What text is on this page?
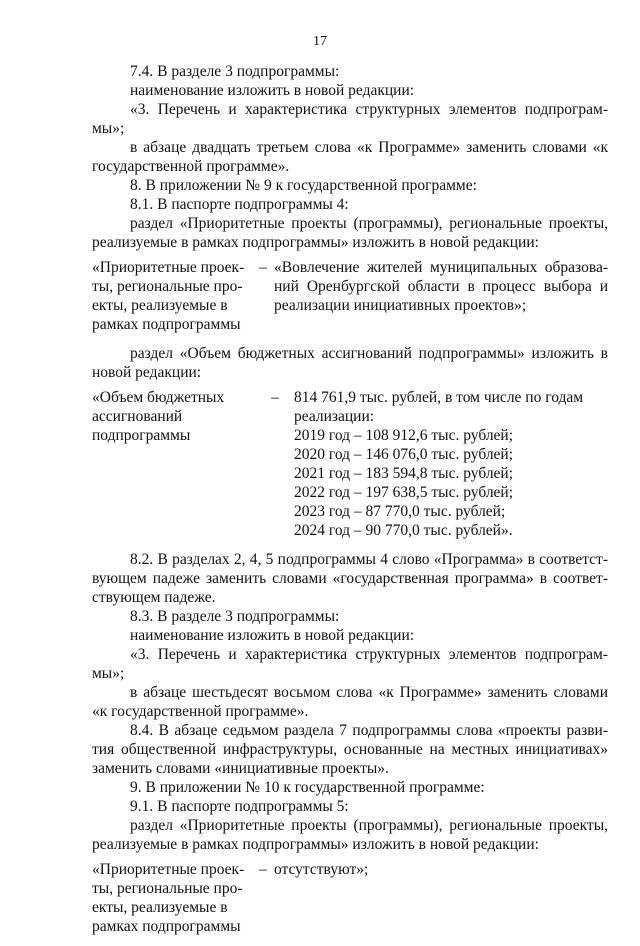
17

7.4. В разделе 3 подпрограммы:

наименование изложить в новой редакции:

«3. Перечень и характеристика структурных элементов подпрограм-мы»;

в абзаце двадцать третьем слова «к Программе» заменить словами «к государственной программе».

8. В приложении № 9 к государственной программе:

8.1. В паспорте подпрограммы 4:

раздел «Приоритетные проекты (программы), региональные проекты, реализуемые в рамках подпрограммы» изложить в новой редакции:

«Приоритетные проек-ты, региональные про-екты, реализуемые в рамках подпрограммы
– «Вовлечение жителей муниципальных образова-ний Оренбургской области в процесс выбора и реализации инициативных проектов»;

раздел «Объем бюджетных ассигнований подпрограммы» изложить в новой редакции:

«Объем бюджетных ассигнований подпрограммы
– 814 761,9 тыс. рублей, в том числе по годам
реализации:
2019 год – 108 912,6 тыс. рублей;
2020 год – 146 076,0 тыс. рублей;
2021 год – 183 594,8 тыс. рублей;
2022 год – 197 638,5 тыс. рублей;
2023 год – 87 770,0 тыс. рублей;
2024 год – 90 770,0 тыс. рублей».

8.2. В разделах 2, 4, 5 подпрограммы 4 слово «Программа» в соответст-вующем падеже заменить словами «государственная программа» в соответ-ствующем падеже.

8.3. В разделе 3 подпрограммы:

наименование изложить в новой редакции:

«3. Перечень и характеристика структурных элементов подпрограм-мы»;

в абзаце шестьдесят восьмом слова «к Программе» заменить словами «к государственной программе».

8.4. В абзаце седьмом раздела 7 подпрограммы слова «проекты разви-тия общественной инфраструктуры, основанные на местных инициативах» заменить словами «инициативные проекты».

9. В приложении № 10 к государственной программе:

9.1. В паспорте подпрограммы 5:

раздел «Приоритетные проекты (программы), региональные проекты, реализуемые в рамках подпрограммы» изложить в новой редакции:

«Приоритетные проек-ты, региональные про-екты, реализуемые в рамках подпрограммы
– отсутствуют»;
